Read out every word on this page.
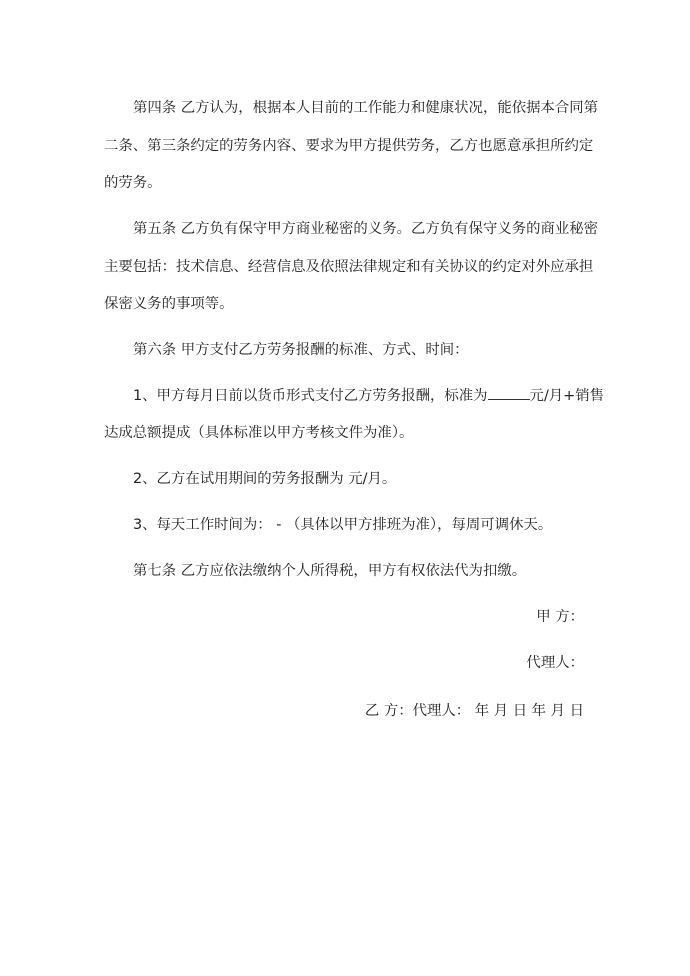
第四条 乙方认为，根据本人目前的工作能力和健康状况，能依据本合同第
二条、第三条约定的劳务内容、要求为甲方提供劳务，乙方也愿意承担所约定
的劳务。
第五条 乙方负有保守甲方商业秘密的义务。乙方负有保守义务的商业秘密
主要包括：技术信息、经营信息及依照法律规定和有关协议的约定对外应承担
保密义务的事项等。
第六条 甲方支付乙方劳务报酬的标准、方式、时间：
1、甲方每月日前以货币形式支付乙方劳务报酬，标准为	元/月+销售
达成总额提成（具体标准以甲方考核文件为准）。
2、乙方在试用期间的劳务报酬为 元/月。
3、每天工作时间为： - （具体以甲方排班为准），每周可调休天。
第七条 乙方应依法缴纳个人所得税，甲方有权依法代为扣缴。
甲 方：
代理人：
乙 方：代理人： 年 月 日 年 月 日
